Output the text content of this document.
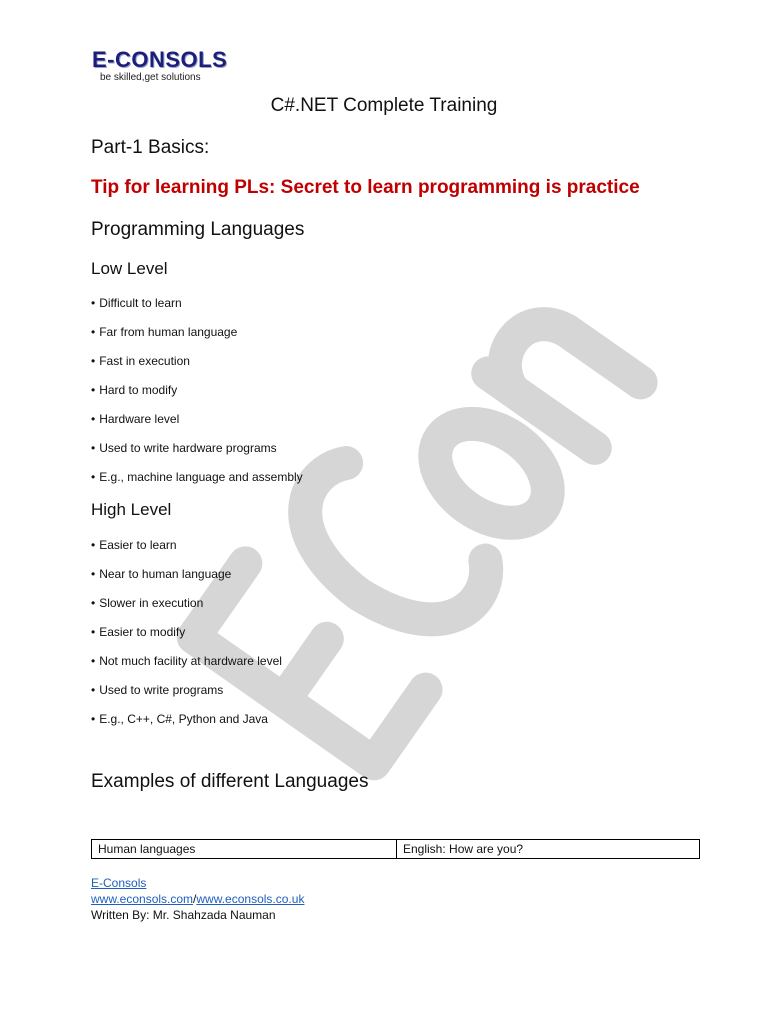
E-CONSOLS
be skilled,get solutions
C#.NET Complete Training
Part-1 Basics:
Tip for learning PLs: Secret to learn programming is practice
Programming Languages
Low Level
• Difficult to learn
• Far from human language
• Fast in execution
• Hard to modify
• Hardware level
• Used to write hardware programs
• E.g., machine language and assembly
High Level
• Easier to learn
• Near to human language
• Slower in execution
• Easier to modify
• Not much facility at hardware level
• Used to write programs
• E.g., C++, C#, Python and Java
Examples of different Languages
Human languages	English: How are you?
E-Consols
www.econsols.com/www.econsols.co.uk
Written By: Mr. Shahzada Nauman
